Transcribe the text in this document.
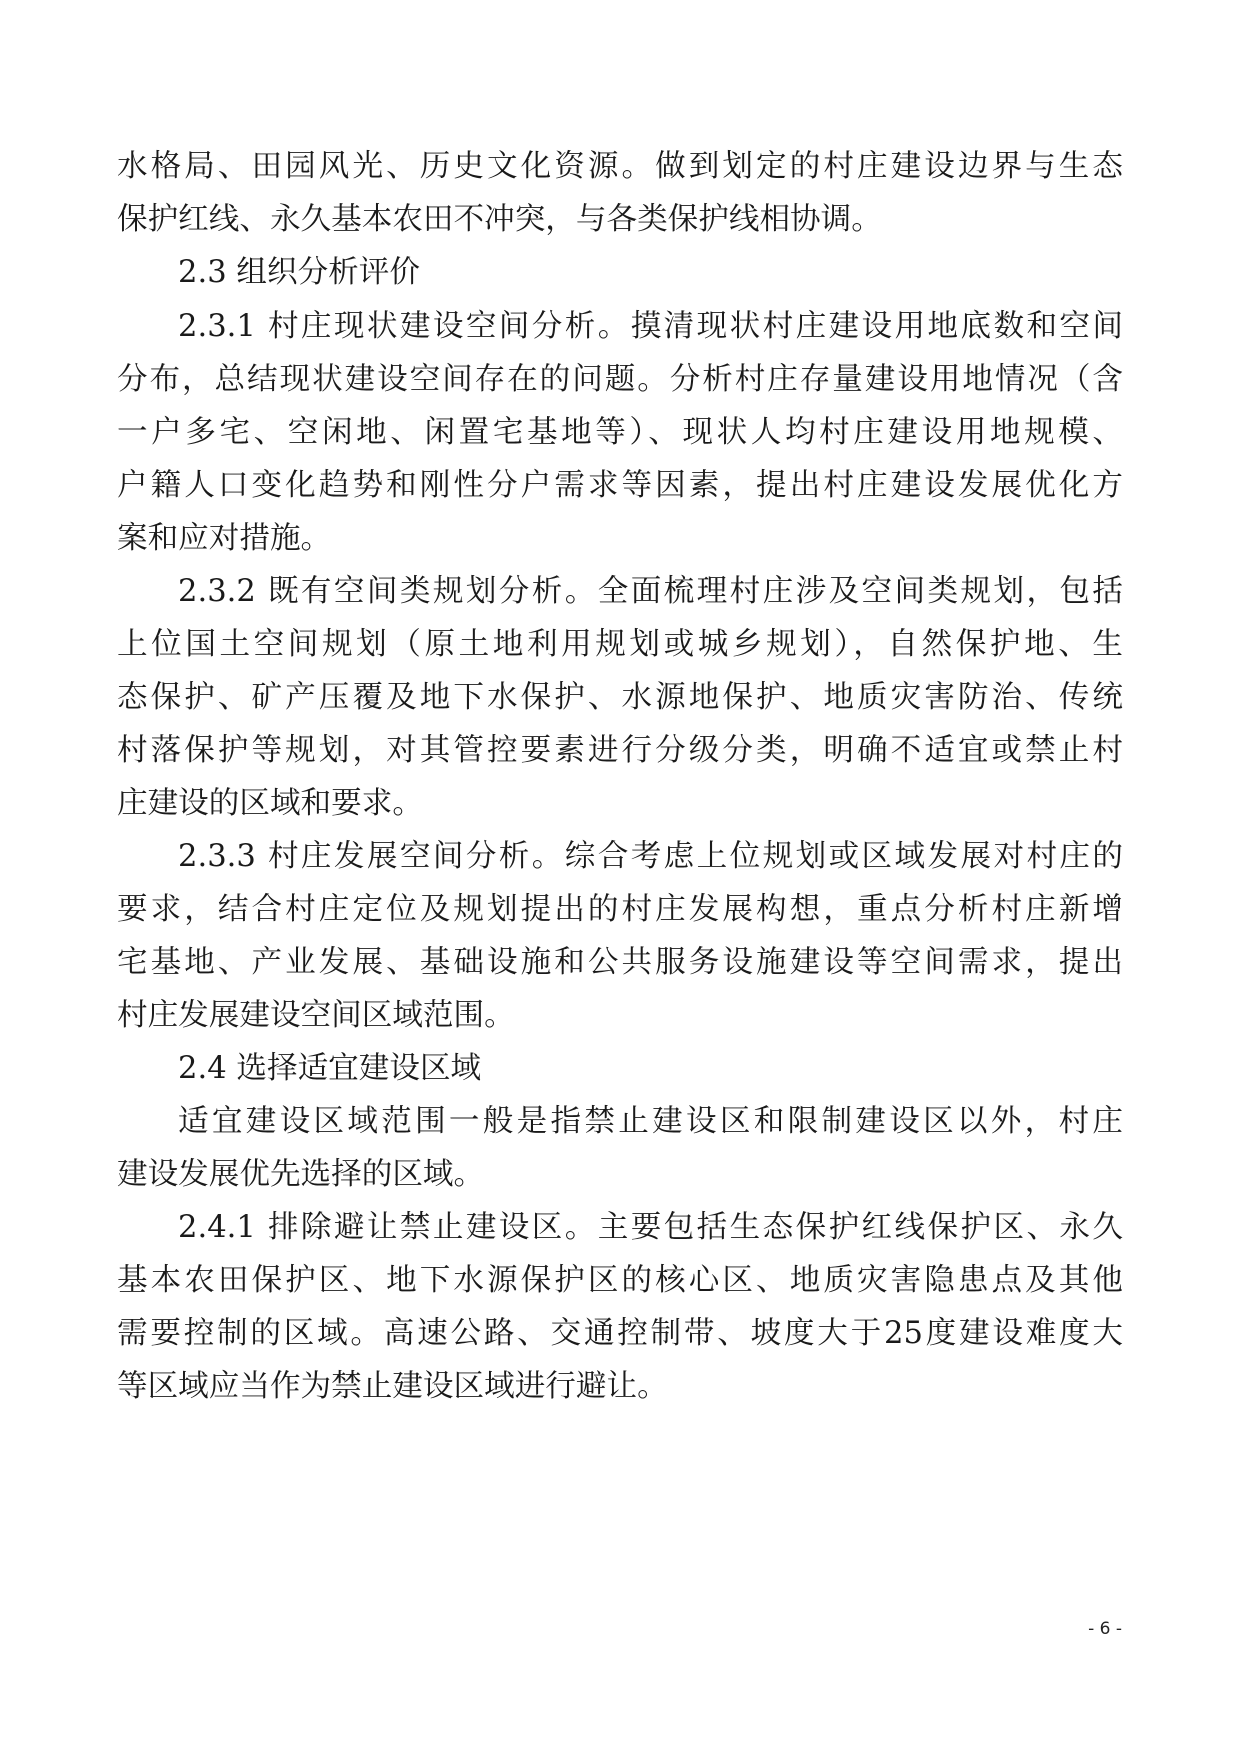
水格局、田园风光、历史文化资源。做到划定的村庄建设边界与生态
保护红线、永久基本农田不冲突，与各类保护线相协调。
2.3 组织分析评价
2.3.1 村庄现状建设空间分析。摸清现状村庄建设用地底数和空间
分布，总结现状建设空间存在的问题。分析村庄存量建设用地情况（含
一户多宅、空闲地、闲置宅基地等）、现状人均村庄建设用地规模、
户籍人口变化趋势和刚性分户需求等因素，提出村庄建设发展优化方
案和应对措施。
2.3.2 既有空间类规划分析。全面梳理村庄涉及空间类规划，包括
上位国土空间规划（原土地利用规划或城乡规划），自然保护地、生
态保护、矿产压覆及地下水保护、水源地保护、地质灾害防治、传统
村落保护等规划，对其管控要素进行分级分类，明确不适宜或禁止村
庄建设的区域和要求。
2.3.3 村庄发展空间分析。综合考虑上位规划或区域发展对村庄的
要求，结合村庄定位及规划提出的村庄发展构想，重点分析村庄新增
宅基地、产业发展、基础设施和公共服务设施建设等空间需求，提出
村庄发展建设空间区域范围。
2.4 选择适宜建设区域
适宜建设区域范围一般是指禁止建设区和限制建设区以外，村庄
建设发展优先选择的区域。
2.4.1 排除避让禁止建设区。主要包括生态保护红线保护区、永久
基本农田保护区、地下水源保护区的核心区、地质灾害隐患点及其他
需要控制的区域。高速公路、交通控制带、坡度大于25度建设难度大
等区域应当作为禁止建设区域进行避让。
- 6 -
